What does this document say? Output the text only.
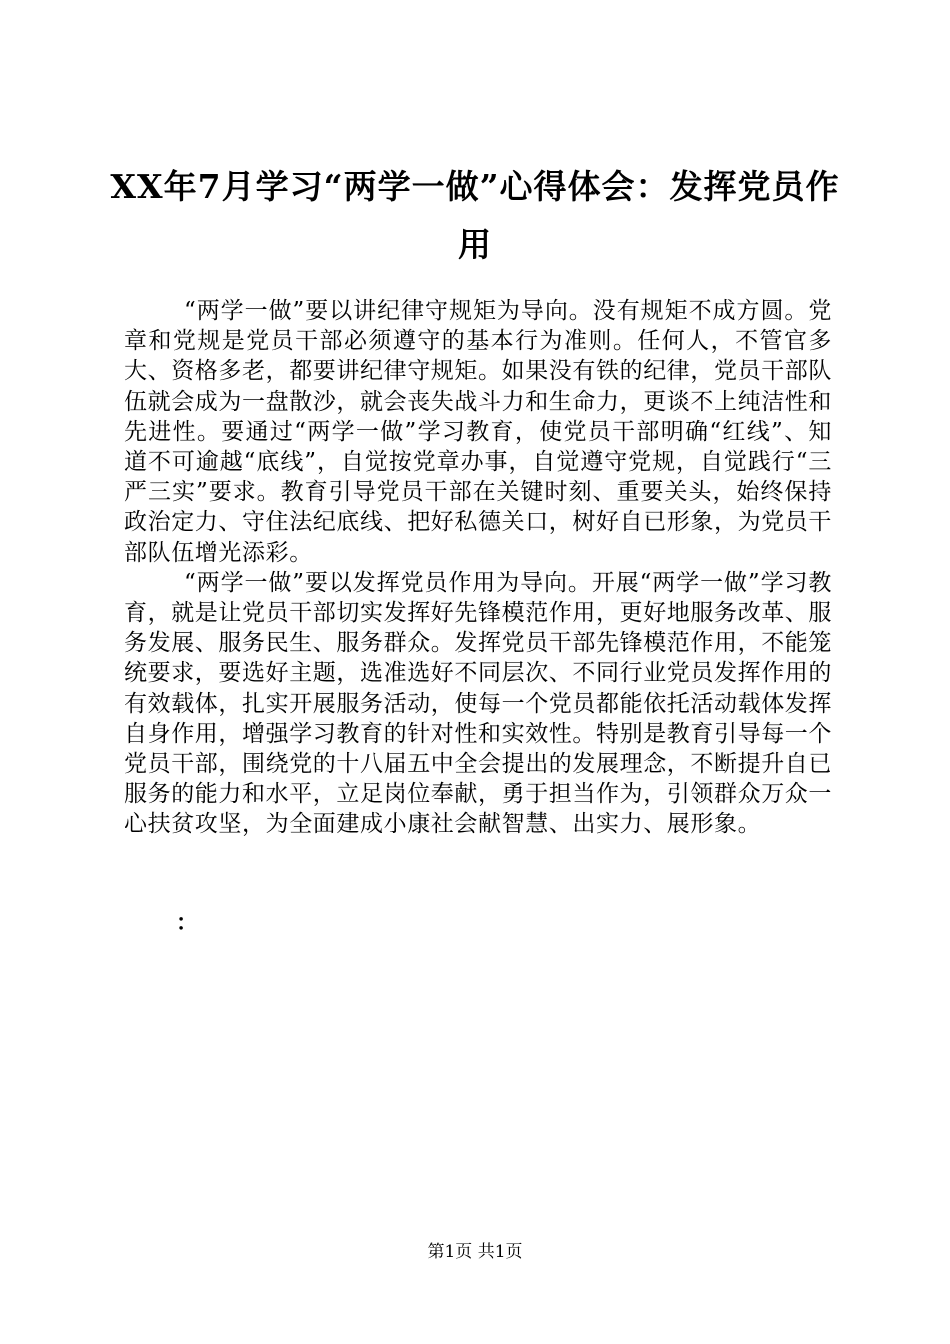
XX年7月学习“两学一做”心得体会：发挥党员作用

“两学一做”要以讲纪律守规矩为导向。没有规矩不成方圆。党章和党规是党员干部必须遵守的基本行为准则。任何人，不管官多大、资格多老，都要讲纪律守规矩。如果没有铁的纪律，党员干部队伍就会成为一盘散沙，就会丧失战斗力和生命力，更谈不上纯洁性和先进性。要通过“两学一做”学习教育，使党员干部明确“红线”、知道不可逾越“底线”，自觉按党章办事，自觉遵守党规，自觉践行“三严三实”要求。教育引导党员干部在关键时刻、重要关头，始终保持政治定力、守住法纪底线、把好私德关口，树好自已形象，为党员干部队伍增光添彩。

“两学一做”要以发挥党员作用为导向。开展“两学一做”学习教育，就是让党员干部切实发挥好先锋模范作用，更好地服务改革、服务发展、服务民生、服务群众。发挥党员干部先锋模范作用，不能笼统要求，要选好主题，选准选好不同层次、不同行业党员发挥作用的有效载体，扎实开展服务活动，使每一个党员都能依托活动载体发挥自身作用，增强学习教育的针对性和实效性。特别是教育引导每一个党员干部，围绕党的十八届五中全会提出的发展理念，不断提升自已服务的能力和水平，立足岗位奉献，勇于担当作为，引领群众万众一心扶贫攻坚，为全面建成小康社会献智慧、出实力、展形象。

：
第1页 共1页
